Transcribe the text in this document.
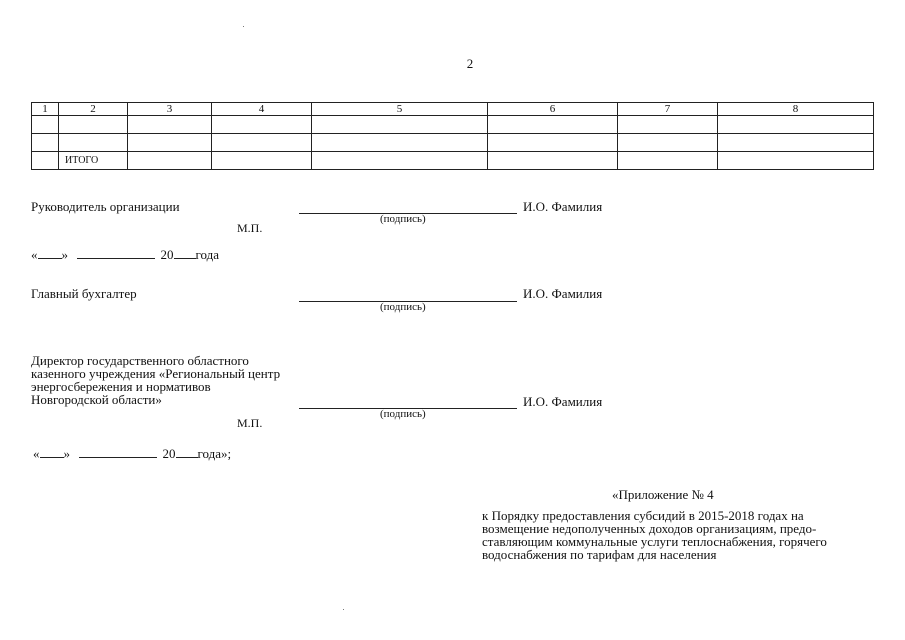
2
1	2	3	4	5	6	7	8

	ИТОГО						
Руководитель организации	И.О. Фамилия
(подпись)
М.П.
« »	20 года
Главный бухгалтер	И.О. Фамилия
(подпись)
Директор государственного областного казенного учреждения «Региональный центр энергосбережения и нормативов Новгородской области»	И.О. Фамилия
(подпись)
М.П.
« »	20 года»;
«Приложение № 4
к Порядку предоставления субсидий в 2015-2018 годах на возмещение недополученных доходов организациям, предо-ставляющим коммунальные услуги теплоснабжения, горячего водоснабжения по тарифам для населения
